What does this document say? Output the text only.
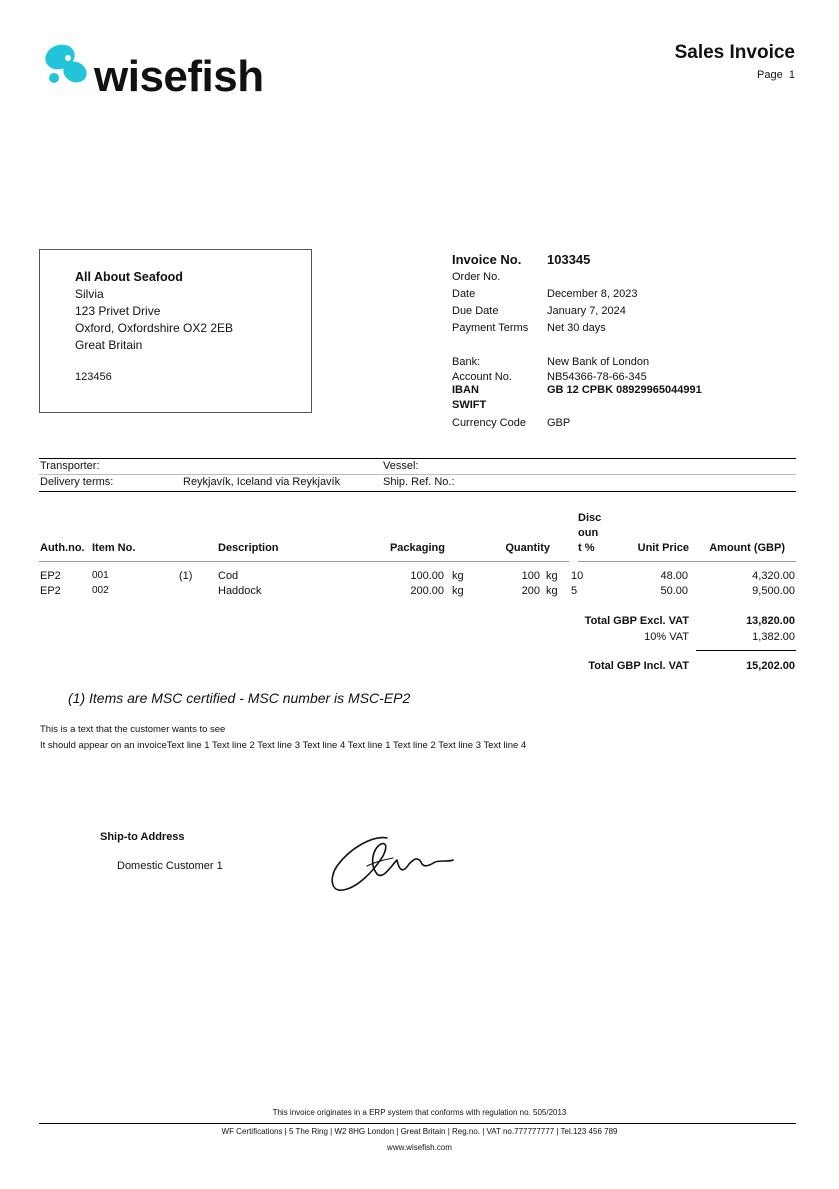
wisefish	Sales Invoice
Page 1
All About Seafood
Silvia
123 Privet Drive
Oxford, Oxfordshire OX2 2EB
Great Britain
123456
Invoice No. 103345
Order No.
Date	December 8, 2023
Due Date	January 7, 2024
Payment Terms Net 30 days
Bank:	New Bank of London
Account No.	NB54366-78-66-345
IBAN	GB 12 CPBK 08929965044991
SWIFT
Currency Code GBP
Transporter:	Vessel:
Delivery terms:	Reykjavík, Iceland via Reykjavík	Ship. Ref. No.:
Auth.no. Item No.	Description	Packaging	Quantity
Disc
oun
t %	Unit Price	Amount (GBP)
EP2	001	(1) Cod	100.00 kg	100 kg 10	48.00	4,320.00
EP2	002	Haddock	200.00 kg	200 kg 5	50.00	9,500.00
Total GBP Excl. VAT	13,820.00
10% VAT	1,382.00
Total GBP Incl. VAT	15,202.00
(1) Items are MSC certified - MSC number is MSC-EP2
This is a text that the customer wants to see
It should appear on an invoiceText line 1 Text line 2 Text line 3 Text line 4 Text line 1 Text line 2 Text line 3 Text line 4
Ship-to Address
Domestic Customer 1
This invoice originates in a ERP system that conforms with regulation no. 505/2013
WF Certifications | 5 The Ring | W2 8HG London | Great Britain | Reg.no. | VAT no.777777777 | Tel.123 456 789
www.wisefish.com
